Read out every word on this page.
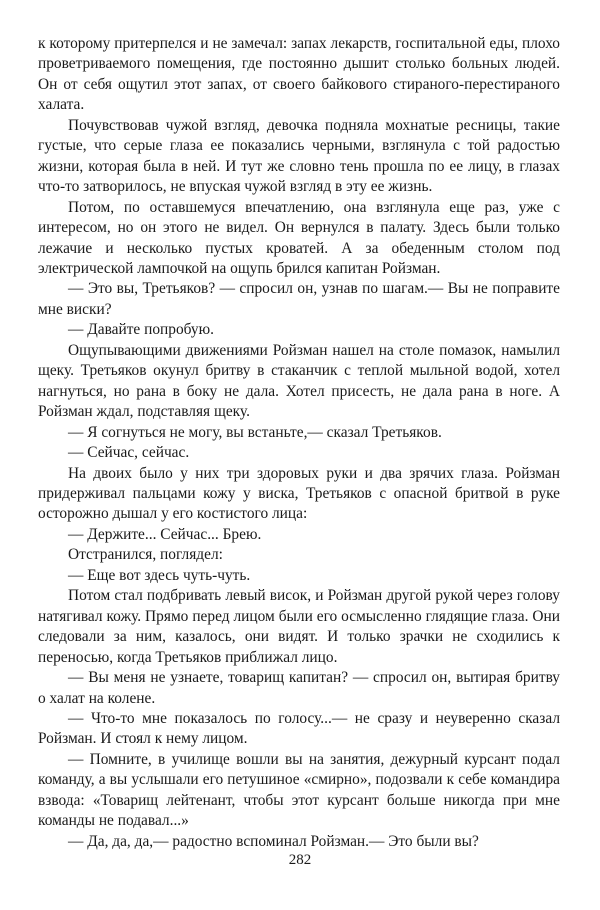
к которому притерпелся и не замечал: запах лекарств, госпитальной еды, плохо проветриваемого помещения, где постоянно дышит столько больных людей. Он от себя ощутил этот запах, от своего байкового стираного-перестираного халата.

Почувствовав чужой взгляд, девочка подняла мохнатые ресницы, такие густые, что серые глаза ее показались черными, взглянула с той радостью жизни, которая была в ней. И тут же словно тень прошла по ее лицу, в глазах что-то затворилось, не впуская чужой взгляд в эту ее жизнь.

Потом, по оставшемуся впечатлению, она взглянула еще раз, уже с интересом, но он этого не видел. Он вернулся в палату. Здесь были только лежачие и несколько пустых кроватей. А за обеденным столом под электрической лампочкой на ощупь брился капитан Ройзман.

— Это вы, Третьяков? — спросил он, узнав по шагам.— Вы не поправите мне виски?

— Давайте попробую.

Ощупывающими движениями Ройзман нашел на столе помазок, намылил щеку. Третьяков окунул бритву в стаканчик с теплой мыльной водой, хотел нагнуться, но рана в боку не дала. Хотел присесть, не дала рана в ноге. А Ройзман ждал, подставляя щеку.

— Я согнуться не могу, вы встаньте,— сказал Третьяков.

— Сейчас, сейчас.

На двоих было у них три здоровых руки и два зрячих глаза. Ройзман придерживал пальцами кожу у виска, Третьяков с опасной бритвой в руке осторожно дышал у его костистого лица:

— Держите... Сейчас... Брею.

Отстранился, поглядел:

— Еще вот здесь чуть-чуть.

Потом стал подбривать левый висок, и Ройзман другой рукой через голову натягивал кожу. Прямо перед лицом были его осмысленно глядящие глаза. Они следовали за ним, казалось, они видят. И только зрачки не сходились к переносью, когда Третьяков приближал лицо.

— Вы меня не узнаете, товарищ капитан? — спросил он, вытирая бритву о халат на колене.

— Что-то мне показалось по голосу...— не сразу и неуверенно сказал Ройзман. И стоял к нему лицом.

— Помните, в училище вошли вы на занятия, дежурный курсант подал команду, а вы услышали его петушиное «смирно», подозвали к себе командира взвода: «Товарищ лейтенант, чтобы этот курсант больше никогда при мне команды не подавал...»

— Да, да, да,— радостно вспоминал Ройзман.— Это были вы?

282
